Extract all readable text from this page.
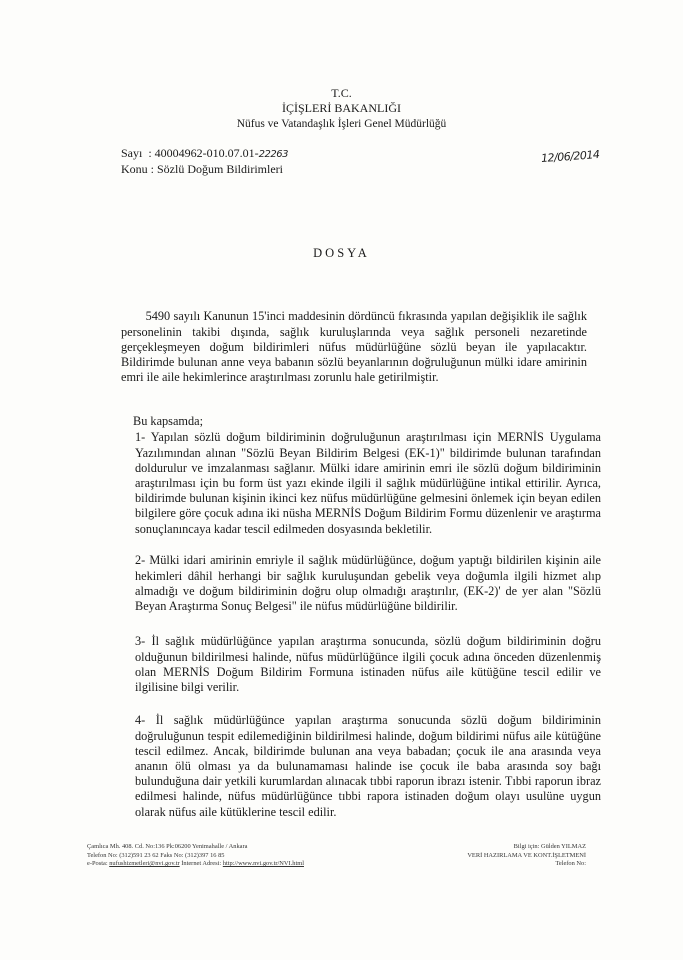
T.C.
İÇİŞLERİ BAKANLIĞI
Nüfus ve Vatandaşlık İşleri Genel Müdürlüğü
Sayı : 40004962-010.07.01-22263
Konu : Sözlü Doğum Bildirimleri
12/06/2014
DOSYA

5490 sayılı Kanunun 15'inci maddesinin dördüncü fıkrasında yapılan değişiklik ile sağlık personelinin takibi dışında, sağlık kuruluşlarında veya sağlık personeli nezaretinde gerçekleşmeyen doğum bildirimleri nüfus müdürlüğüne sözlü beyan ile yapılacaktır. Bildirimde bulunan anne veya babanın sözlü beyanlarının doğruluğunun mülki idare amirinin emri ile aile hekimlerince araştırılması zorunlu hale getirilmiştir.

Bu kapsamda;

1- Yapılan sözlü doğum bildiriminin doğruluğunun araştırılması için MERNİS Uygulama Yazılımından alınan "Sözlü Beyan Bildirim Belgesi (EK-1)" bildirimde bulunan tarafından doldurulur ve imzalanması sağlanır. Mülki idare amirinin emri ile sözlü doğum bildiriminin araştırılması için bu form üst yazı ekinde ilgili il sağlık müdürlüğüne intikal ettirilir. Ayrıca, bildirimde bulunan kişinin ikinci kez nüfus müdürlüğüne gelmesini önlemek için beyan edilen bilgilere göre çocuk adına iki nüsha MERNİS Doğum Bildirim Formu düzenlenir ve araştırma sonuçlanıncaya kadar tescil edilmeden dosyasında bekletilir.

2- Mülki idari amirinin emriyle il sağlık müdürlüğünce, doğum yaptığı bildirilen kişinin aile hekimleri dâhil herhangi bir sağlık kuruluşundan gebelik veya doğumla ilgili hizmet alıp almadığı ve doğum bildiriminin doğru olup olmadığı araştırılır, (EK-2)' de yer alan "Sözlü Beyan Araştırma Sonuç Belgesi" ile nüfus müdürlüğüne bildirilir.

3- İl sağlık müdürlüğünce yapılan araştırma sonucunda, sözlü doğum bildiriminin doğru olduğunun bildirilmesi halinde, nüfus müdürlüğünce ilgili çocuk adına önceden düzenlenmiş olan MERNİS Doğum Bildirim Formuna istinaden nüfus aile kütüğüne tescil edilir ve ilgilisine bilgi verilir.

4- İl sağlık müdürlüğünce yapılan araştırma sonucunda sözlü doğum bildiriminin doğruluğunun tespit edilemediğinin bildirilmesi halinde, doğum bildirimi nüfus aile kütüğüne tescil edilmez. Ancak, bildirimde bulunan ana veya babadan; çocuk ile ana arasında veya ananın ölü olması ya da bulunamaması halinde ise çocuk ile baba arasında soy bağı bulunduğuna dair yetkili kurumlardan alınacak tıbbi raporun ibrazı istenir. Tıbbi raporun ibraz edilmesi halinde, nüfus müdürlüğünce tıbbi rapora istinaden doğum olayı usulüne uygun olarak nüfus aile kütüklerine tescil edilir.

Çamlıca Mh. 408. Cd. No:136 Pk:06200 Yenimahalle / Ankara
Telefon No: (312)591 23 62 Faks No: (312)397 16 85
e-Posta: nufushizmetleri@nvi.gov.tr İnternet Adresi: http://www.nvi.gov.tr/NVI.html
Bilgi için: Gülden YILMAZ
VERİ HAZIRLAMA VE KONT.İŞLETMENİ
Telefon No:
